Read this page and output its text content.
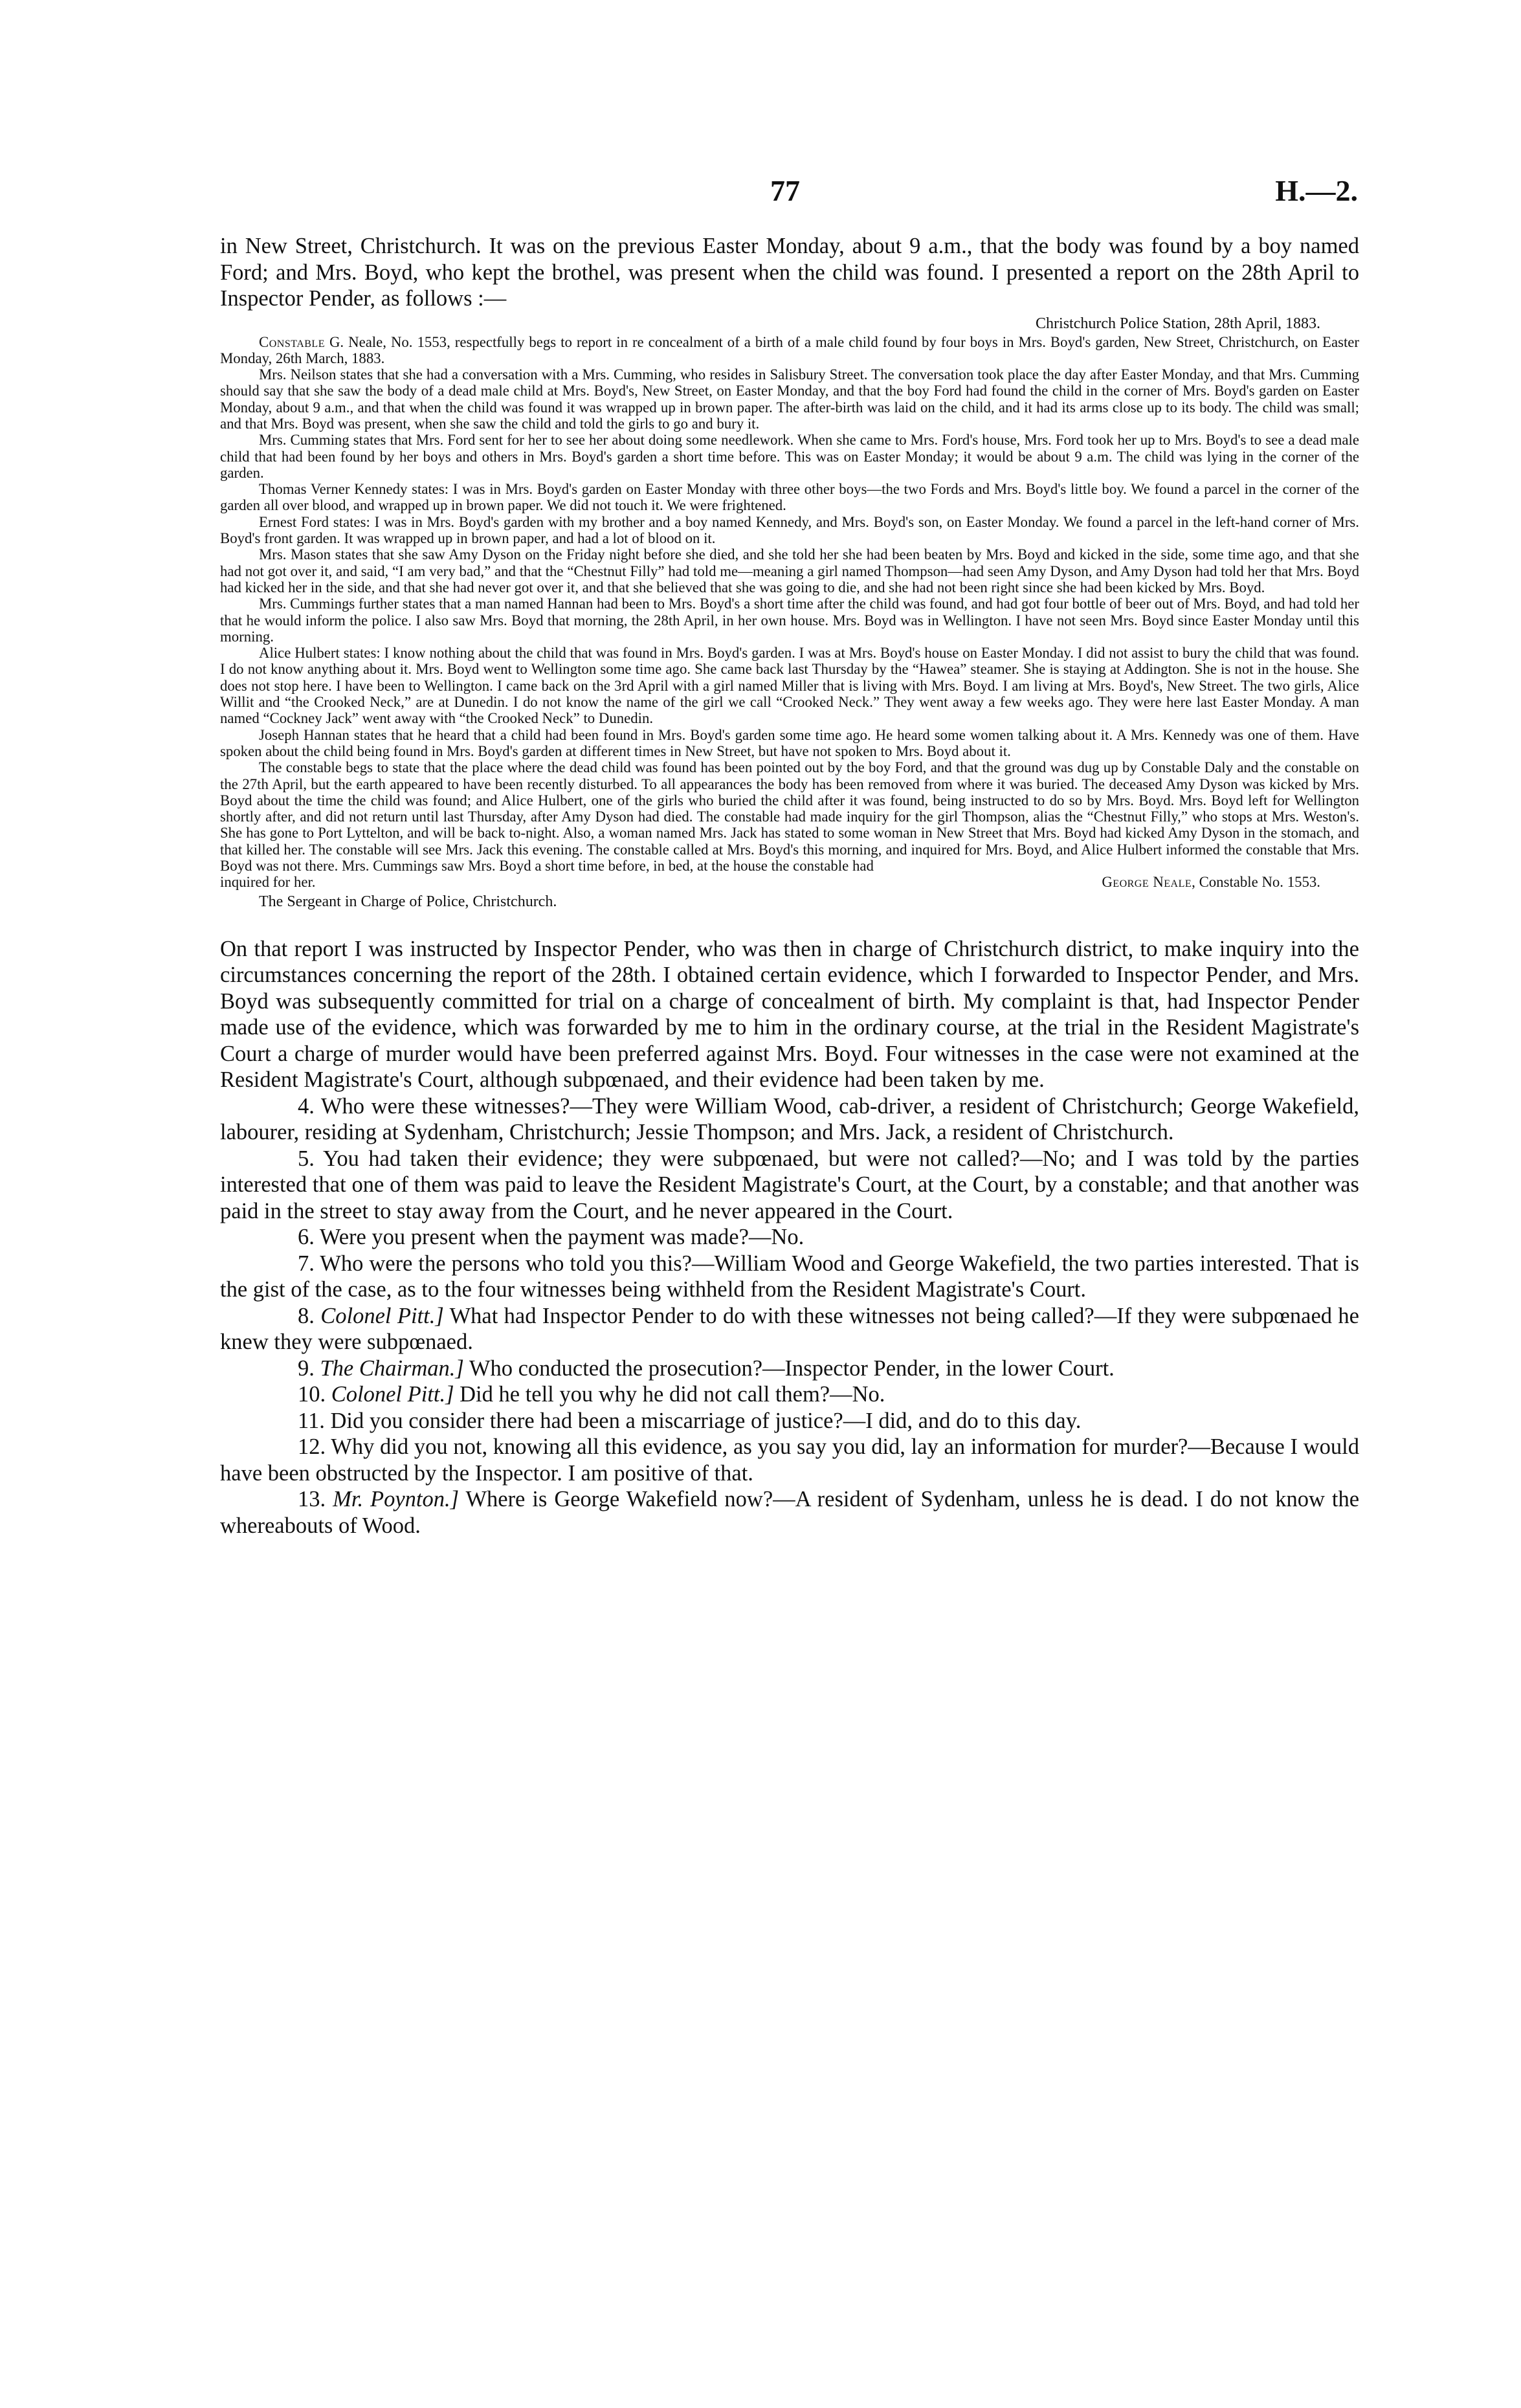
77	H.—2.

in New Street, Christchurch. It was on the previous Easter Monday, about 9 a.m., that the body was found by a boy named Ford; and Mrs. Boyd, who kept the brothel, was present when the child was found. I presented a report on the 28th April to Inspector Pender, as follows :—

Christchurch Police Station, 28th April, 1883.

Constable G. Neale, No. 1553, respectfully begs to report in re concealment of a birth of a male child found by four boys in Mrs. Boyd's garden, New Street, Christchurch, on Easter Monday, 26th March, 1883.

Mrs. Neilson states that she had a conversation with a Mrs. Cumming, who resides in Salisbury Street. The conversation took place the day after Easter Monday, and that Mrs. Cumming should say that she saw the body of a dead male child at Mrs. Boyd's, New Street, on Easter Monday, and that the boy Ford had found the child in the corner of Mrs. Boyd's garden on Easter Monday, about 9 a.m., and that when the child was found it was wrapped up in brown paper. The after-birth was laid on the child, and it had its arms close up to its body. The child was small; and that Mrs. Boyd was present, when she saw the child and told the girls to go and bury it.

Mrs. Cumming states that Mrs. Ford sent for her to see her about doing some needlework. When she came to Mrs. Ford's house, Mrs. Ford took her up to Mrs. Boyd's to see a dead male child that had been found by her boys and others in Mrs. Boyd's garden a short time before. This was on Easter Monday; it would be about 9 a.m. The child was lying in the corner of the garden.

Thomas Verner Kennedy states: I was in Mrs. Boyd's garden on Easter Monday with three other boys—the two Fords and Mrs. Boyd's little boy. We found a parcel in the corner of the garden all over blood, and wrapped up in brown paper. We did not touch it. We were frightened.

Ernest Ford states: I was in Mrs. Boyd's garden with my brother and a boy named Kennedy, and Mrs. Boyd's son, on Easter Monday. We found a parcel in the left-hand corner of Mrs. Boyd's front garden. It was wrapped up in brown paper, and had a lot of blood on it.

Mrs. Mason states that she saw Amy Dyson on the Friday night before she died, and she told her she had been beaten by Mrs. Boyd and kicked in the side, some time ago, and that she had not got over it, and said, “I am very bad,” and that the “Chestnut Filly” had told me—meaning a girl named Thompson—had seen Amy Dyson, and Amy Dyson had told her that Mrs. Boyd had kicked her in the side, and that she had never got over it, and that she believed that she was going to die, and she had not been right since she had been kicked by Mrs. Boyd.

Mrs. Cummings further states that a man named Hannan had been to Mrs. Boyd's a short time after the child was found, and had got four bottle of beer out of Mrs. Boyd, and had told her that he would inform the police. I also saw Mrs. Boyd that morning, the 28th April, in her own house. Mrs. Boyd was in Wellington. I have not seen Mrs. Boyd since Easter Monday until this morning.

Alice Hulbert states: I know nothing about the child that was found in Mrs. Boyd's garden. I was at Mrs. Boyd's house on Easter Monday. I did not assist to bury the child that was found. I do not know anything about it. Mrs. Boyd went to Wellington some time ago. She came back last Thursday by the “Hawea” steamer. She is staying at Addington. She is not in the house. She does not stop here. I have been to Wellington. I came back on the 3rd April with a girl named Miller that is living with Mrs. Boyd. I am living at Mrs. Boyd's, New Street. The two girls, Alice Willit and “the Crooked Neck,” are at Dunedin. I do not know the name of the girl we call “Crooked Neck.” They went away a few weeks ago. They were here last Easter Monday. A man named “Cockney Jack” went away with “the Crooked Neck” to Dunedin.

Joseph Hannan states that he heard that a child had been found in Mrs. Boyd's garden some time ago. He heard some women talking about it. A Mrs. Kennedy was one of them. Have spoken about the child being found in Mrs. Boyd's garden at different times in New Street, but have not spoken to Mrs. Boyd about it.

The constable begs to state that the place where the dead child was found has been pointed out by the boy Ford, and that the ground was dug up by Constable Daly and the constable on the 27th April, but the earth appeared to have been recently disturbed. To all appearances the body has been removed from where it was buried. The deceased Amy Dyson was kicked by Mrs. Boyd about the time the child was found; and Alice Hulbert, one of the girls who buried the child after it was found, being instructed to do so by Mrs. Boyd. Mrs. Boyd left for Wellington shortly after, and did not return until last Thursday, after Amy Dyson had died. The constable had made inquiry for the girl Thompson, alias the “Chestnut Filly,” who stops at Mrs. Weston's. She has gone to Port Lyttelton, and will be back to-night. Also, a woman named Mrs. Jack has stated to some woman in New Street that Mrs. Boyd had kicked Amy Dyson in the stomach, and that killed her. The constable will see Mrs. Jack this evening. The constable called at Mrs. Boyd's this morning, and inquired for Mrs. Boyd, and Alice Hulbert informed the constable that Mrs. Boyd was not there. Mrs. Cummings saw Mrs. Boyd a short time before, in bed, at the house the constable had

inquired for her.	George Neale, Constable No. 1553.
The Sergeant in Charge of Police, Christchurch.

On that report I was instructed by Inspector Pender, who was then in charge of Christchurch district, to make inquiry into the circumstances concerning the report of the 28th. I obtained certain evidence, which I forwarded to Inspector Pender, and Mrs. Boyd was subsequently committed for trial on a charge of concealment of birth. My complaint is that, had Inspector Pender made use of the evidence, which was forwarded by me to him in the ordinary course, at the trial in the Resident Magistrate's Court a charge of murder would have been preferred against Mrs. Boyd. Four witnesses in the case were not examined at the Resident Magistrate's Court, although subpœnaed, and their evidence had been taken by me.

4. Who were these witnesses?—They were William Wood, cab-driver, a resident of Christchurch; George Wakefield, labourer, residing at Sydenham, Christchurch; Jessie Thompson; and Mrs. Jack, a resident of Christchurch.

5. You had taken their evidence; they were subpœnaed, but were not called?—No; and I was told by the parties interested that one of them was paid to leave the Resident Magistrate's Court, at the Court, by a constable; and that another was paid in the street to stay away from the Court, and he never appeared in the Court.

6. Were you present when the payment was made?—No.

7. Who were the persons who told you this?—William Wood and George Wakefield, the two parties interested. That is the gist of the case, as to the four witnesses being withheld from the Resident Magistrate's Court.

8. Colonel Pitt.] What had Inspector Pender to do with these witnesses not being called?—If they were subpœnaed he knew they were subpœnaed.

9. The Chairman.] Who conducted the prosecution?—Inspector Pender, in the lower Court.

10. Colonel Pitt.] Did he tell you why he did not call them?—No.

11. Did you consider there had been a miscarriage of justice?—I did, and do to this day.

12. Why did you not, knowing all this evidence, as you say you did, lay an information for murder?—Because I would have been obstructed by the Inspector. I am positive of that.

13. Mr. Poynton.] Where is George Wakefield now?—A resident of Sydenham, unless he is dead. I do not know the whereabouts of Wood.
